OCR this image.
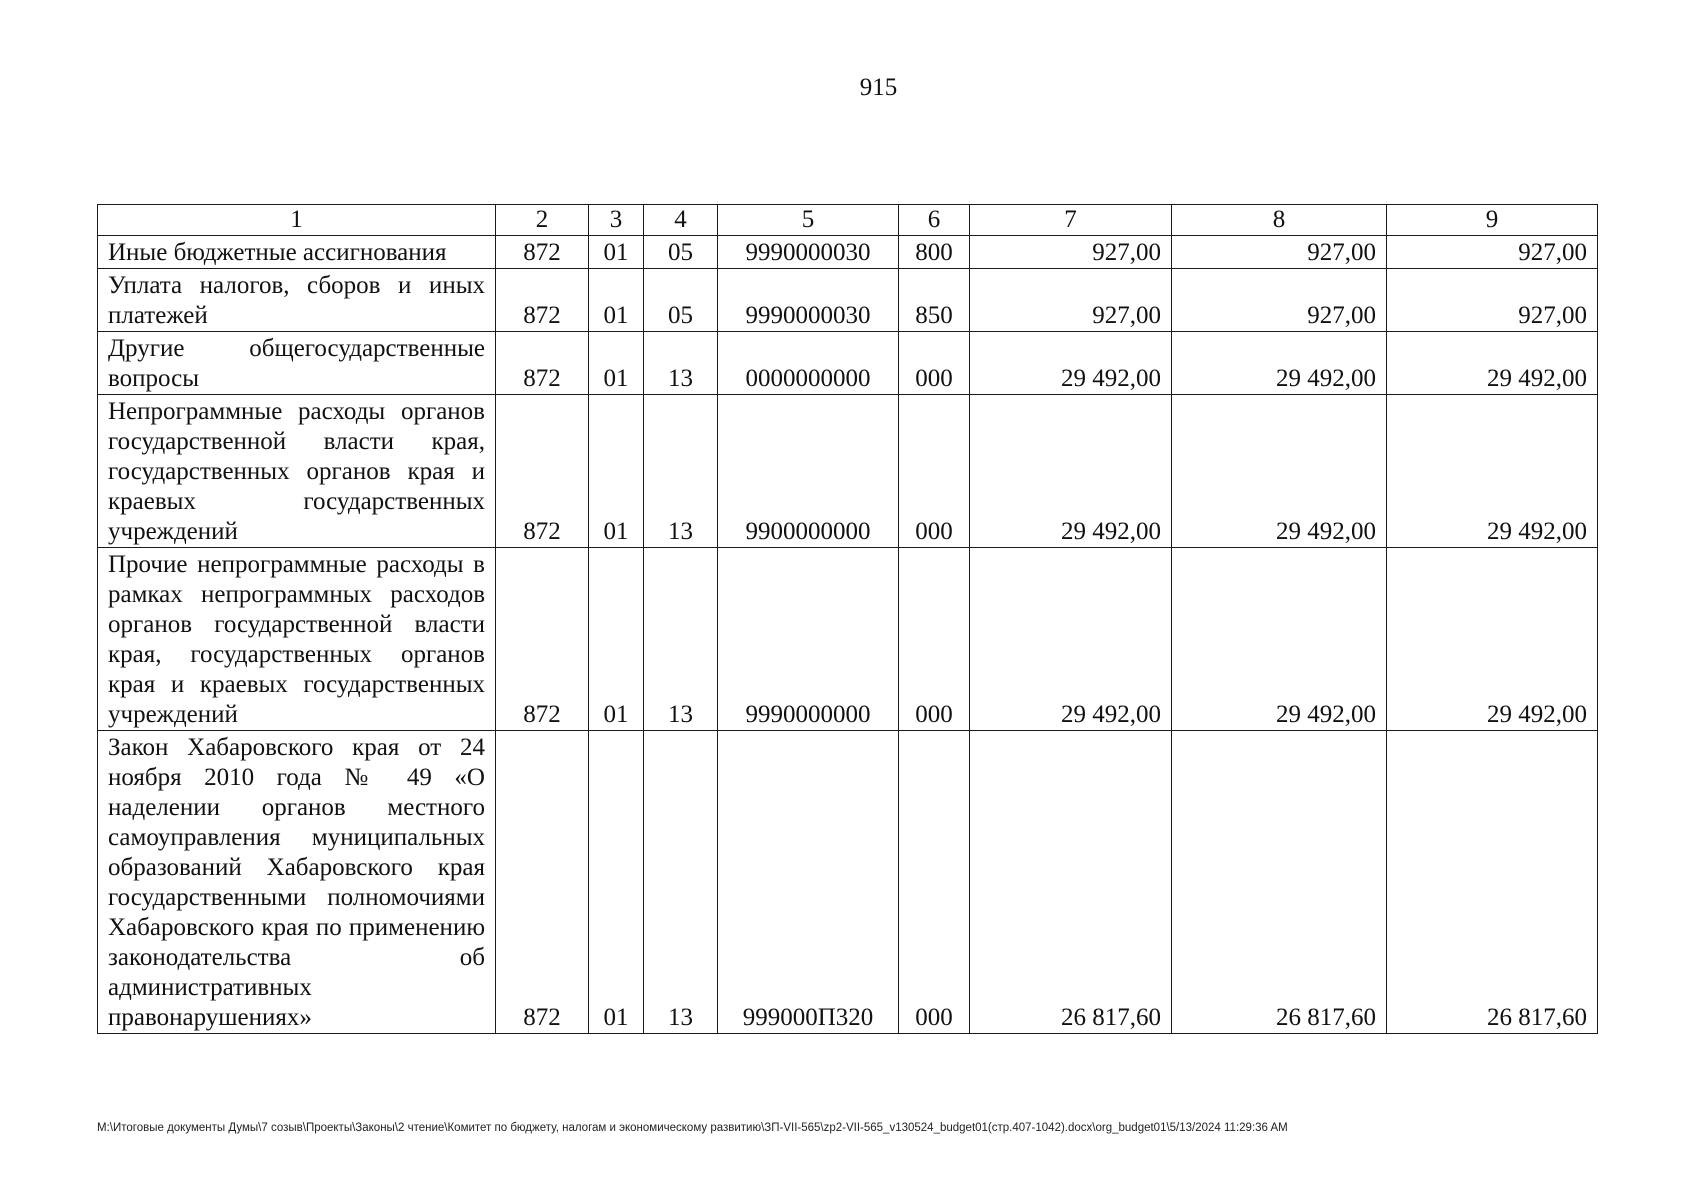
915
1	2	3	4	5	6	7	8	9
Иные бюджетные ассигнования	872	01	05	9990000030	800	927,00	927,00	927,00
Уплата налогов, сборов и иных платежей	872	01	05	9990000030	850	927,00	927,00	927,00
Другие общегосударственные вопросы	872	01	13	0000000000	000	29 492,00	29 492,00	29 492,00
Непрограммные расходы органов государственной власти края, государственных органов края и краевых государственных учреждений	872	01	13	9900000000	000	29 492,00	29 492,00	29 492,00
Прочие непрограммные расходы в рамках непрограммных расходов органов государственной власти края, государственных органов края и краевых государственных учреждений	872	01	13	9990000000	000	29 492,00	29 492,00	29 492,00
Закон Хабаровского края от 24 ноября 2010 года № 49 «О наделении органов местного самоуправления муниципальных образований Хабаровского края государственными полномочиями Хабаровского края по применению законодательства об административных правонарушениях»	872	01	13	999000П320	000	26 817,60	26 817,60	26 817,60
M:\Итоговые документы Думы\7 созыв\Проекты\Законы\2 чтение\Комитет по бюджету, налогам и экономическому развитию\ЗП-VII-565\zp2-VII-565_v130524_budget01(стр.407-1042).docx\org_budget01\5/13/2024 11:29:36 AM
